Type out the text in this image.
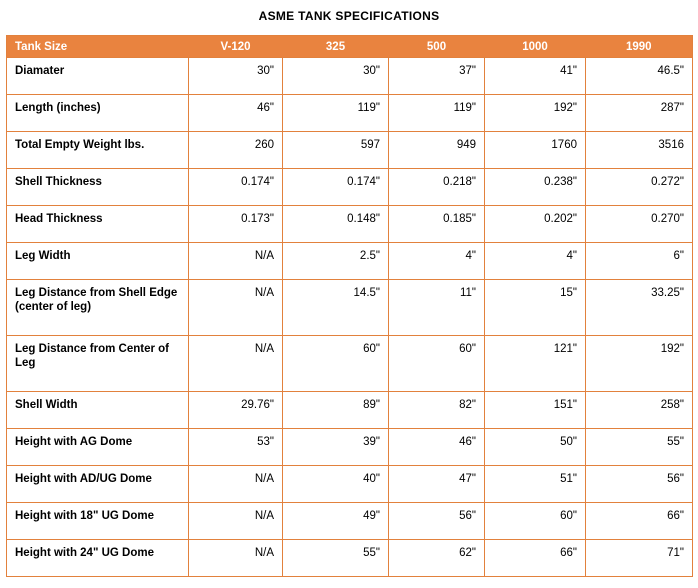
ASME TANK SPECIFICATIONS
Tank Size	V-120	325	500	1000	1990
Diamater	30"	30"	37"	41"	46.5"
Length (inches)	46"	119"	119"	192"	287"
Total Empty Weight lbs.	260	597	949	1760	3516
Shell Thickness	0.174"	0.174"	0.218"	0.238"	0.272"
Head Thickness	0.173"	0.148"	0.185"	0.202"	0.270"
Leg Width	N/A	2.5"	4"	4"	6"
Leg Distance from Shell Edge (center of leg)	N/A	14.5"	11"	15"	33.25"
Leg Distance from Center of Leg	N/A	60"	60"	121"	192"
Shell Width	29.76"	89"	82"	151"	258"
Height with AG Dome	53"	39"	46"	50"	55"
Height with AD/UG Dome	N/A	40"	47"	51"	56"
Height with 18" UG Dome	N/A	49"	56"	60"	66"
Height with 24" UG Dome	N/A	55"	62"	66"	71"
